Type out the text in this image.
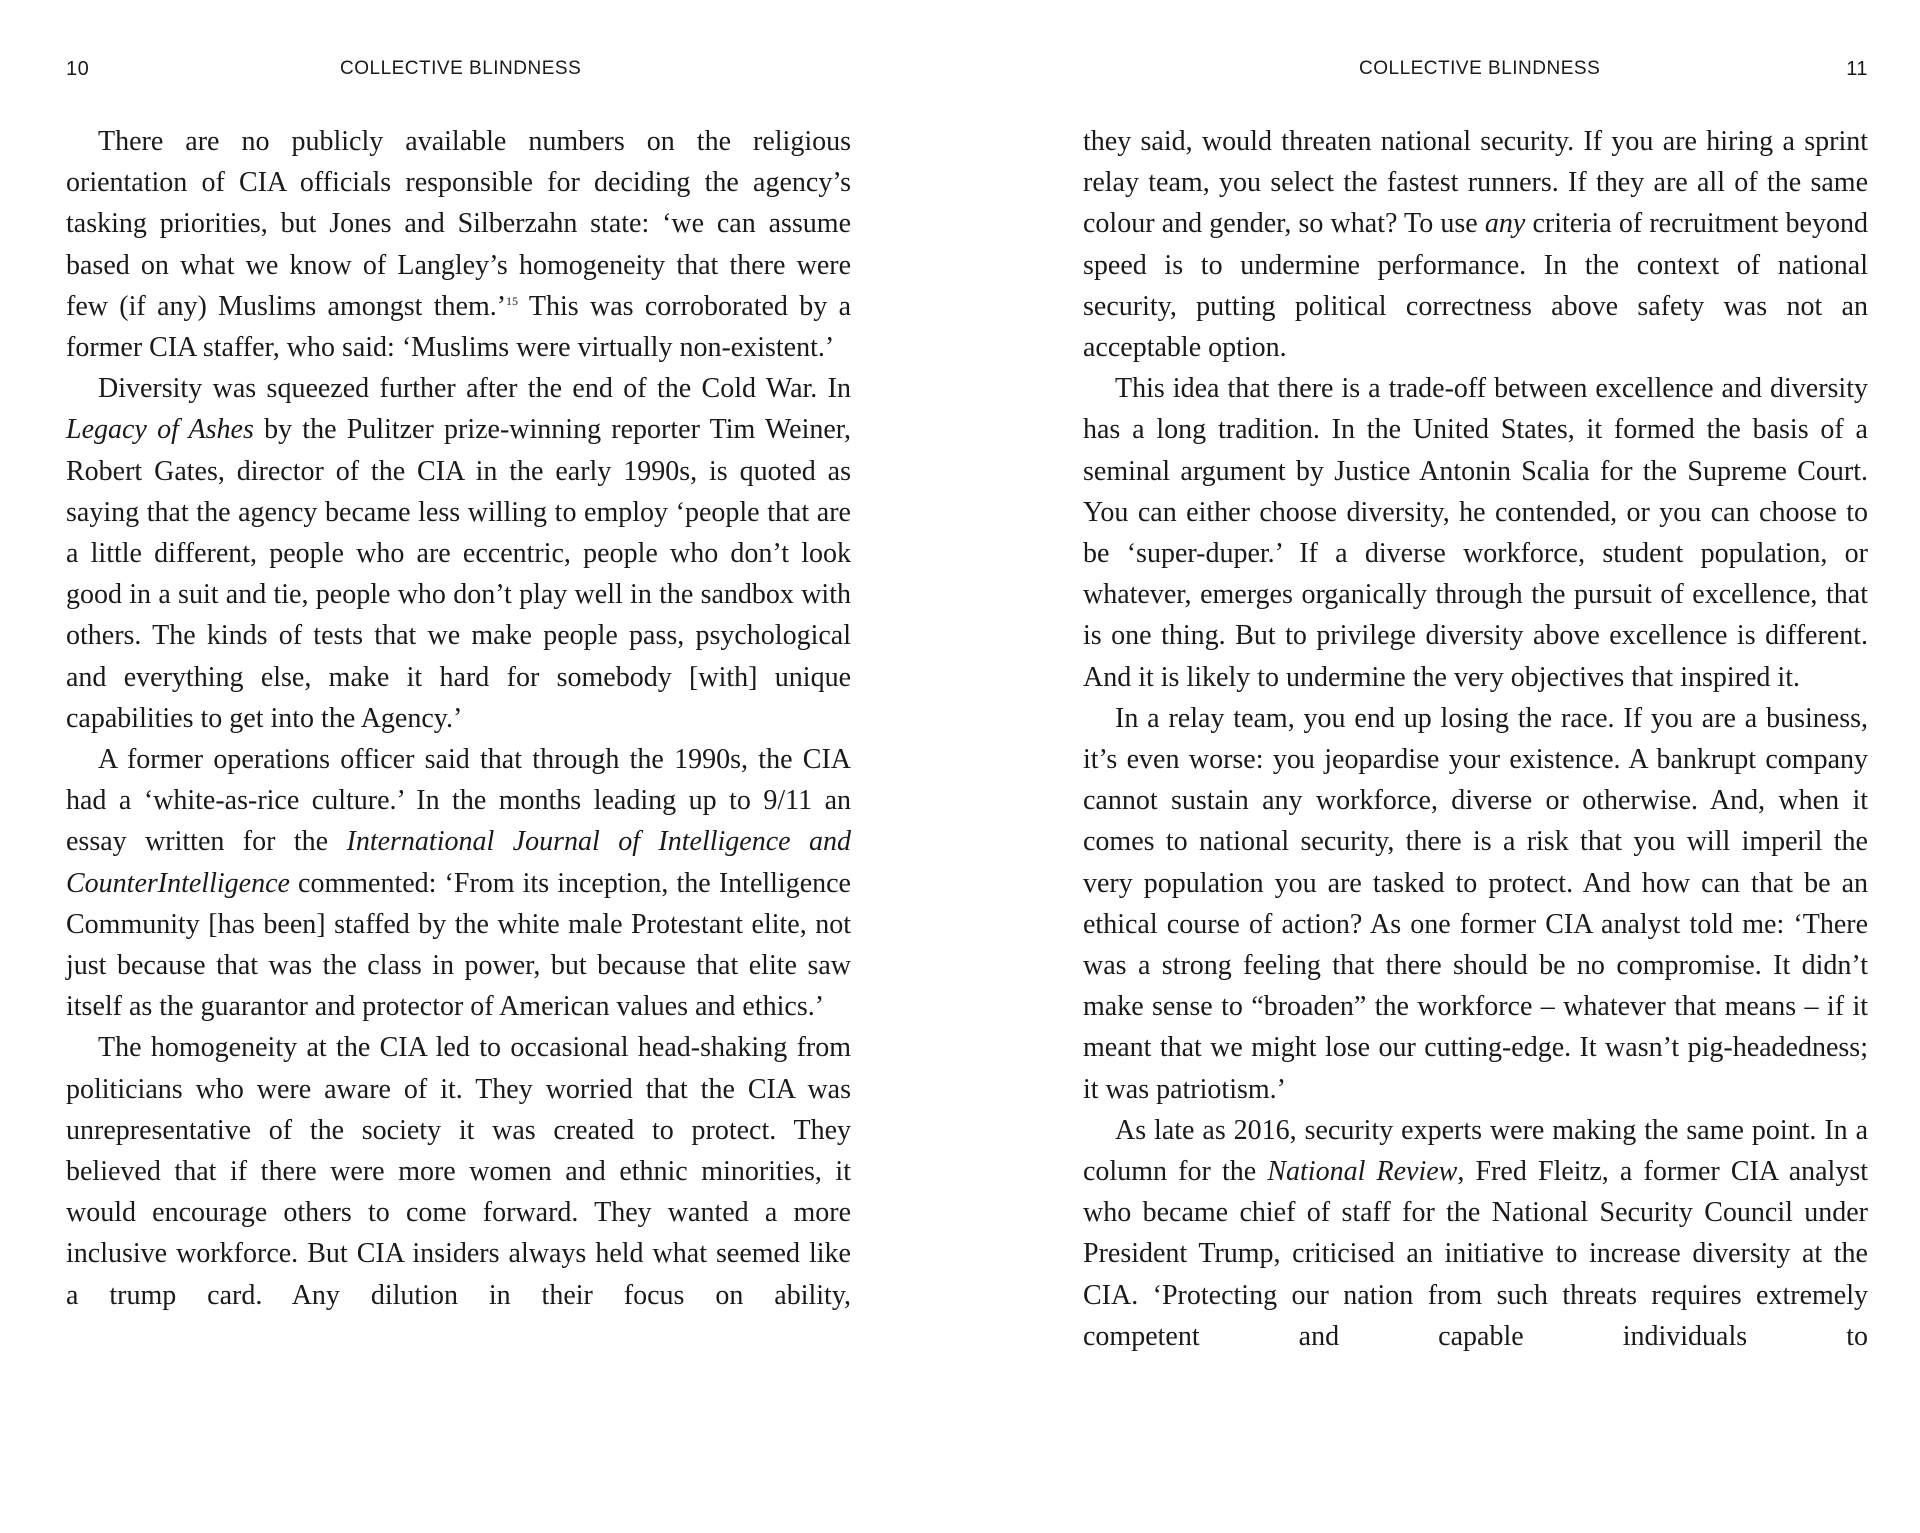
10	COLLECTIVE BLINDNESS

There are no publicly available numbers on the religious orientation of CIA officials responsible for deciding the agency’s tasking priorities, but Jones and Silberzahn state: ‘we can assume based on what we know of Langley’s homogeneity that there were few (if any) Muslims amongst them.’$^{15}$ This was corroborated by a former CIA staffer, who said: ‘Muslims were virtually non-existent.’

Diversity was squeezed further after the end of the Cold War. In Legacy of Ashes by the Pulitzer prize-winning reporter Tim Weiner, Robert Gates, director of the CIA in the early 1990s, is quoted as saying that the agency became less willing to employ ‘people that are a little different, people who are eccentric, people who don’t look good in a suit and tie, people who don’t play well in the sandbox with others. The kinds of tests that we make people pass, psychological and everything else, make it hard for somebody [with] unique capabilities to get into the Agency.’

A former operations officer said that through the 1990s, the CIA had a ‘white-as-rice culture.’ In the months leading up to 9/11 an essay written for the International Journal of Intelligence and CounterIntelligence commented: ‘From its inception, the Intelligence Community [has been] staffed by the white male Protestant elite, not just because that was the class in power, but because that elite saw itself as the guarantor and protector of American values and ethics.’

The homogeneity at the CIA led to occasional head-shaking from politicians who were aware of it. They worried that the CIA was unrepresentative of the society it was created to protect. They believed that if there were more women and ethnic minorities, it would encourage others to come forward. They wanted a more inclusive workforce. But CIA insiders always held what seemed like a trump card. Any dilution in their focus on ability,

COLLECTIVE BLINDNESS	11

they said, would threaten national security. If you are hiring a sprint relay team, you select the fastest runners. If they are all of the same colour and gender, so what? To use any criteria of recruitment beyond speed is to undermine performance. In the context of national security, putting political correctness above safety was not an acceptable option.

This idea that there is a trade-off between excellence and diversity has a long tradition. In the United States, it formed the basis of a seminal argument by Justice Antonin Scalia for the Supreme Court. You can either choose diversity, he contended, or you can choose to be ‘super-duper.’ If a diverse workforce, student population, or whatever, emerges organically through the pursuit of excellence, that is one thing. But to privilege diversity above excellence is different. And it is likely to undermine the very objectives that inspired it.

In a relay team, you end up losing the race. If you are a business, it’s even worse: you jeopardise your existence. A bankrupt company cannot sustain any workforce, diverse or otherwise. And, when it comes to national security, there is a risk that you will imperil the very population you are tasked to protect. And how can that be an ethical course of action? As one former CIA analyst told me: ‘There was a strong feeling that there should be no compromise. It didn’t make sense to “broaden” the workforce – whatever that means – if it meant that we might lose our cutting-edge. It wasn’t pig-headedness; it was patriotism.’

As late as 2016, security experts were making the same point. In a column for the National Review, Fred Fleitz, a former CIA analyst who became chief of staff for the National Security Council under President Trump, criticised an initiative to increase diversity at the CIA. ‘Protecting our nation from such threats requires extremely competent and capable individuals to
